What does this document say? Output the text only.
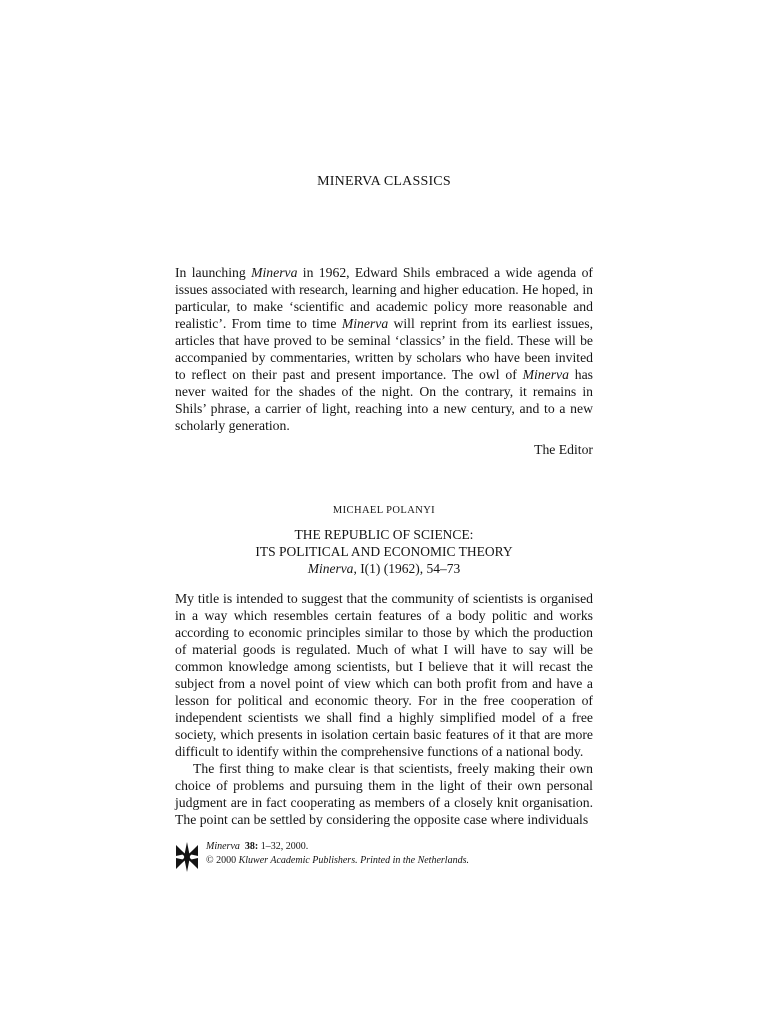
MINERVA CLASSICS
In launching Minerva in 1962, Edward Shils embraced a wide agenda of issues associated with research, learning and higher education. He hoped, in particular, to make ‘scientific and academic policy more reasonable and realistic’. From time to time Minerva will reprint from its earliest issues, articles that have proved to be seminal ‘classics’ in the field. These will be accompanied by commentaries, written by scholars who have been invited to reflect on their past and present importance. The owl of Minerva has never waited for the shades of the night. On the contrary, it remains in Shils’ phrase, a carrier of light, reaching into a new century, and to a new scholarly generation.
The Editor
MICHAEL POLANYI
THE REPUBLIC OF SCIENCE:
ITS POLITICAL AND ECONOMIC THEORY
Minerva, I(1) (1962), 54–73

My title is intended to suggest that the community of scientists is organised in a way which resembles certain features of a body politic and works according to economic principles similar to those by which the production of material goods is regulated. Much of what I will have to say will be common knowledge among scientists, but I believe that it will recast the subject from a novel point of view which can both profit from and have a lesson for political and economic theory. For in the free cooperation of independent scientists we shall find a highly simplified model of a free society, which presents in isolation certain basic features of it that are more difficult to identify within the comprehensive functions of a national body.

The first thing to make clear is that scientists, freely making their own choice of problems and pursuing them in the light of their own personal judgment are in fact cooperating as members of a closely knit organisation. The point can be settled by considering the opposite case where individuals

Minerva 38: 1–32, 2000.
© 2000 Kluwer Academic Publishers. Printed in the Netherlands.
